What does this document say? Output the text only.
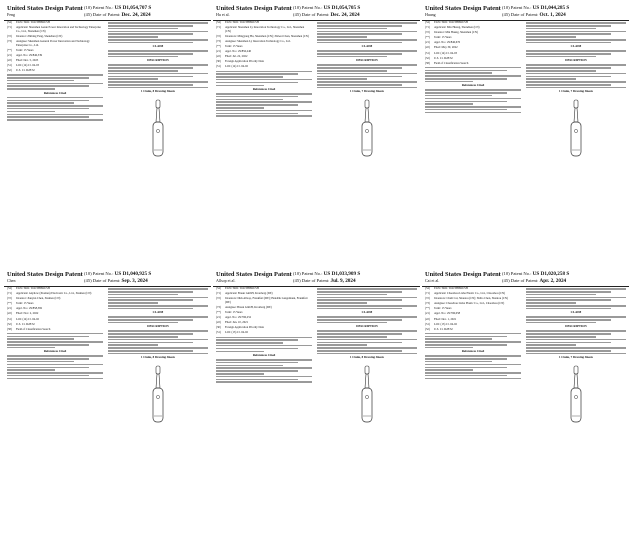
United States Design Patent
Feng
(10) Patent No.: US D1,054,707 S
(45) Date of Patent: Dec. 24, 2024
(54) ELECTRIC TOOTHBRUSH
(71) Applicant: Shenzhen Genie Power Innovation and Technology Enterprise Co., Ltd., Shenzhen (CN)
(72) Inventor: Zhibing Feng, Shenzhen (CN)
(73) Assignee: Shenzhen General Power Innovation and Technology Enterprise Co., Ltd.
(**) Term: 15 Years
(21) Appl. No.: 29/846,539
(22) Filed: Dec. 5, 2023
(51) LOC (14) Cl. 04-03
(52) U.S. Cl. D28/32
References Cited
CLAIM
DESCRIPTION
1 Claim, 8 Drawing Sheets
United States Design Patent
Hu et al.
(10) Patent No.: US D1,054,705 S
(45) Date of Patent: Dec. 24, 2024
(54) ELECTRIC TOOTHBRUSH
(71) Applicant: Shenzhen Ly Innovation Technology Co., Ltd., Shenzhen (CN)
(72) Inventors: Mingyang Hu, Shenzhen (CN); Zhiwei Chen, Shenzhen (CN)
(73) Assignee: Shenzhen Ly Innovation Technology Co., Ltd.
(**) Term: 15 Years
(21) Appl. No.: 29/856,240
(22) Filed: Jul. 22, 2022
(30) Foreign Application Priority Data
(51) LOC (14) Cl. 04-02
References Cited
CLAIM
DESCRIPTION
1 Claim, 7 Drawing Sheets
United States Design Patent
Huang
(10) Patent No.: US D1,044,285 S
(45) Date of Patent: Oct. 1, 2024
(54) ELECTRIC TOOTHBRUSH
(71) Applicant: Min Huang, Shenzhen (CN)
(72) Inventor: Min Huang, Shenzhen (CN)
(**) Term: 15 Years
(21) Appl. No.: 29/846,676
(22) Filed: May 30, 2022
(51) LOC (14) Cl. 04-03
(52) U.S. Cl. D28/32
(58) Field of Classification Search
References Cited
CLAIM
DESCRIPTION
1 Claim, 7 Drawing Sheets
United States Design Patent
Chen
(10) Patent No.: US D1,040,925 S
(45) Date of Patent: Sep. 3, 2024
(54) ELECTRIC TOOTHBRUSH
(71) Applicant: Anyhow (Xiamen) Electronic Co., Ltd., Xiamen (CN)
(72) Inventor: Jianyun Chen, Xiamen (CN)
(**) Term: 15 Years
(21) Appl. No.: 29/858,382
(22) Filed: Nov. 2, 2022
(51) LOC (14) Cl. 04-02
(52) U.S. Cl. D28/32
(58) Field of Classification Search
References Cited
CLAIM
DESCRIPTION
1 Claim, 8 Drawing Sheets
United States Design Patent
Allsop et al.
(10) Patent No.: US D1,033,909 S
(45) Date of Patent: Jul. 9, 2024
(54) ELECTRIC TOOTHBRUSH
(71) Applicant: Braun GmbH, Kronberg (DE)
(72) Inventors: Dirk Allsop, Frankfurt (DE); Hendrik Langemann, Frankfurt (DE)
(73) Assignee: Braun GmbH, Kronberg (DE)
(**) Term: 15 Years
(21) Appl. No.: 29/796,252
(22) Filed: Jun. 10, 2021
(30) Foreign Application Priority Data
(51) LOC (13) Cl. 04-02
References Cited
CLAIM
DESCRIPTION
1 Claim, 8 Drawing Sheets
United States Design Patent
Cai et al.
(10) Patent No.: US D1,020,258 S
(45) Date of Patent: Apr. 2, 2024
(54) ELECTRIC TOOTHBRUSH
(71) Applicant: Chaozhou Lisha Plastic Co., Ltd., Chaozhou (CN)
(72) Inventors: Chuli Cai, Shantou (CN); Shibo Chen, Shantou (CN)
(73) Assignee: Chaozhou Lisha Plastic Co., Ltd., Chaozhou (CN)
(**) Term: 15 Years
(21) Appl. No.: 29/796,058
(22) Filed: Dec. 1, 2021
(51) LOC (13) Cl. 04-02
(52) U.S. Cl. D28/32
References Cited
CLAIM
DESCRIPTION
1 Claim, 7 Drawing Sheets
